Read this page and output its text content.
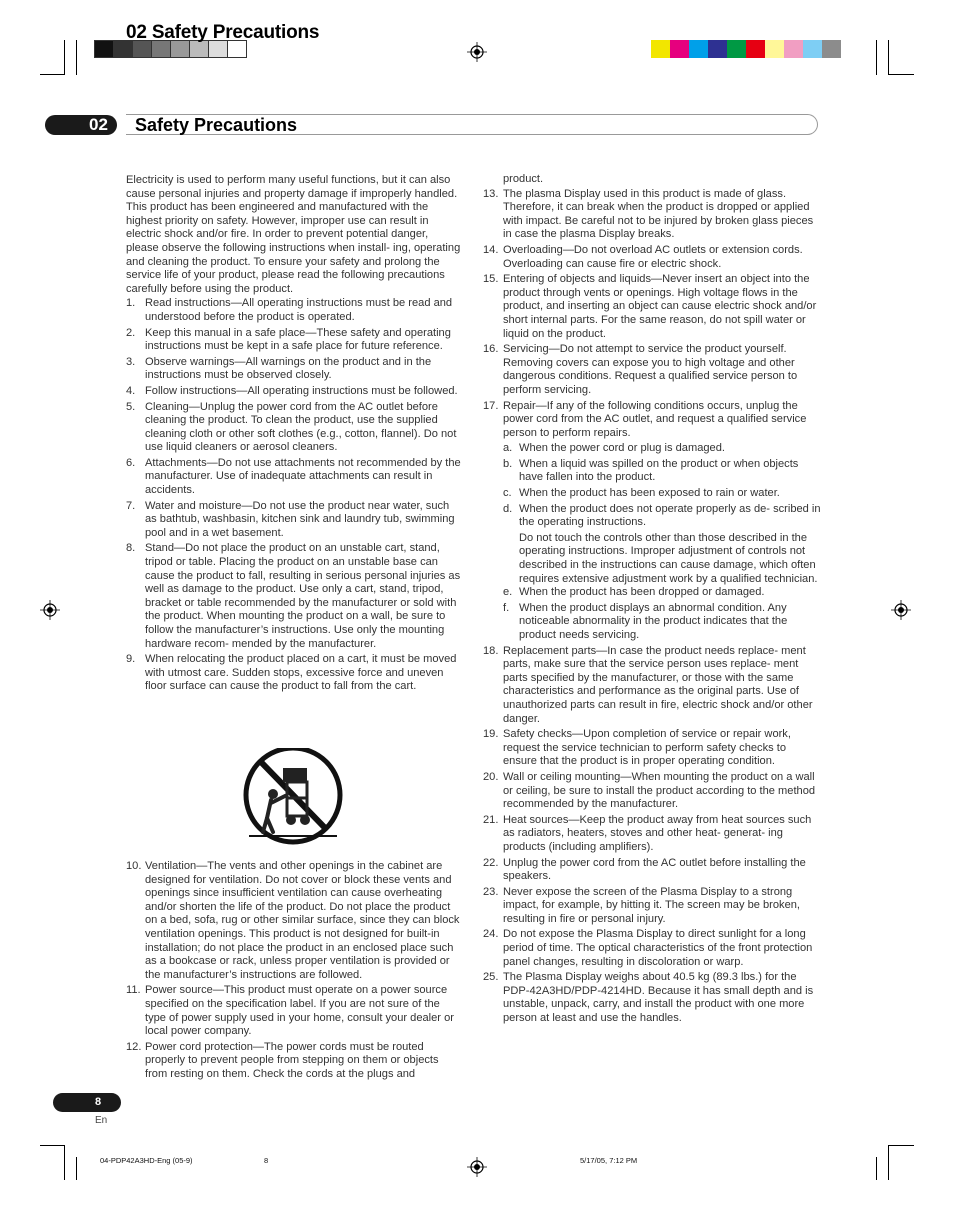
02 Safety Precautions
02	Safety Precautions

Electricity is used to perform many useful functions, but it can also cause personal injuries and property damage if improperly handled. This product has been engineered and manufactured with the highest priority on safety. However, improper use can result in electric shock and/or fire. In order to prevent potential danger, please observe the following instructions when install- ing, operating and cleaning the product. To ensure your safety and prolong the service life of your product, please read the following precautions carefully before using the product.

1. Read instructions—All operating instructions must be read and understood before the product is operated.
2. Keep this manual in a safe place—These safety and operating instructions must be kept in a safe place for future reference.
3. Observe warnings—All warnings on the product and in the instructions must be observed closely.
4. Follow instructions—All operating instructions must be followed.
5. Cleaning—Unplug the power cord from the AC outlet before cleaning the product. To clean the product, use the supplied cleaning cloth or other soft clothes (e.g., cotton, flannel). Do not use liquid cleaners or aerosol cleaners.
6. Attachments—Do not use attachments not recommended by the manufacturer. Use of inadequate attachments can result in accidents.
7. Water and moisture—Do not use the product near water, such as bathtub, washbasin, kitchen sink and laundry tub, swimming pool and in a wet basement.
8. Stand—Do not place the product on an unstable cart, stand, tripod or table. Placing the product on an unstable base can cause the product to fall, resulting in serious personal injuries as well as damage to the product. Use only a cart, stand, tripod, bracket or table recommended by the manufacturer or sold with the product. When mounting the product on a wall, be sure to follow the manufacturer’s instructions. Use only the mounting hardware recom- mended by the manufacturer.
9. When relocating the product placed on a cart, it must be moved with utmost care. Sudden stops, excessive force and uneven floor surface can cause the product to fall from the cart.
10. Ventilation—The vents and other openings in the cabinet are designed for ventilation. Do not cover or block these vents and openings since insufficient ventilation can cause overheating and/or shorten the life of the product. Do not place the product on a bed, sofa, rug or other similar surface, since they can block ventilation openings. This product is not designed for built-in installation; do not place the product in an enclosed place such as a bookcase or rack, unless proper ventilation is provided or the manufacturer’s instructions are followed.
11. Power source—This product must operate on a power source specified on the specification label. If you are not sure of the type of power supply used in your home, consult your dealer or local power company.
12. Power cord protection—The power cords must be routed properly to prevent people from stepping on them or objects from resting on them. Check the cords at the plugs and

product.

13. The plasma Display used in this product is made of glass. Therefore, it can break when the product is dropped or applied with impact. Be careful not to be injured by broken glass pieces in case the plasma Display breaks.
14. Overloading—Do not overload AC outlets or extension cords. Overloading can cause fire or electric shock.
15. Entering of objects and liquids—Never insert an object into the product through vents or openings. High voltage flows in the product, and inserting an object can cause electric shock and/or short internal parts. For the same reason, do not spill water or liquid on the product.
16. Servicing—Do not attempt to service the product yourself. Removing covers can expose you to high voltage and other dangerous conditions. Request a qualified service person to perform servicing.
17. Repair—If any of the following conditions occurs, unplug the power cord from the AC outlet, and request a qualified service person to perform repairs.
a. When the power cord or plug is damaged.
b. When a liquid was spilled on the product or when objects have fallen into the product.
c. When the product has been exposed to rain or water.
d. When the product does not operate properly as de- scribed in the operating instructions.

Do not touch the controls other than those described in the operating instructions. Improper adjustment of controls not described in the instructions can cause damage, which often requires extensive adjustment work by a qualified technician.

e. When the product has been dropped or damaged.
f. When the product displays an abnormal condition. Any noticeable abnormality in the product indicates that the product needs servicing.
18. Replacement parts—In case the product needs replace- ment parts, make sure that the service person uses replace- ment parts specified by the manufacturer, or those with the same characteristics and performance as the original parts. Use of unauthorized parts can result in fire, electric shock and/or other danger.
19. Safety checks—Upon completion of service or repair work, request the service technician to perform safety checks to ensure that the product is in proper operating condition.
20. Wall or ceiling mounting—When mounting the product on a wall or ceiling, be sure to install the product according to the method recommended by the manufacturer.
21. Heat sources—Keep the product away from heat sources such as radiators, heaters, stoves and other heat- generat- ing products (including amplifiers).
22. Unplug the power cord from the AC outlet before installing the speakers.
23. Never expose the screen of the Plasma Display to a strong impact, for example, by hitting it. The screen may be broken, resulting in fire or personal injury.
24. Do not expose the Plasma Display to direct sunlight for a long period of time. The optical characteristics of the front protection panel changes, resulting in discoloration or warp.
25. The Plasma Display weighs about 40.5 kg (89.3 lbs.) for the PDP-42A3HD/PDP-4214HD. Because it has small depth and is unstable, unpack, carry, and install the product with one more person at least and use the handles.
8
En
04-PDP42A3HD-Eng (05-9)	8	5/17/05, 7:12 PM
